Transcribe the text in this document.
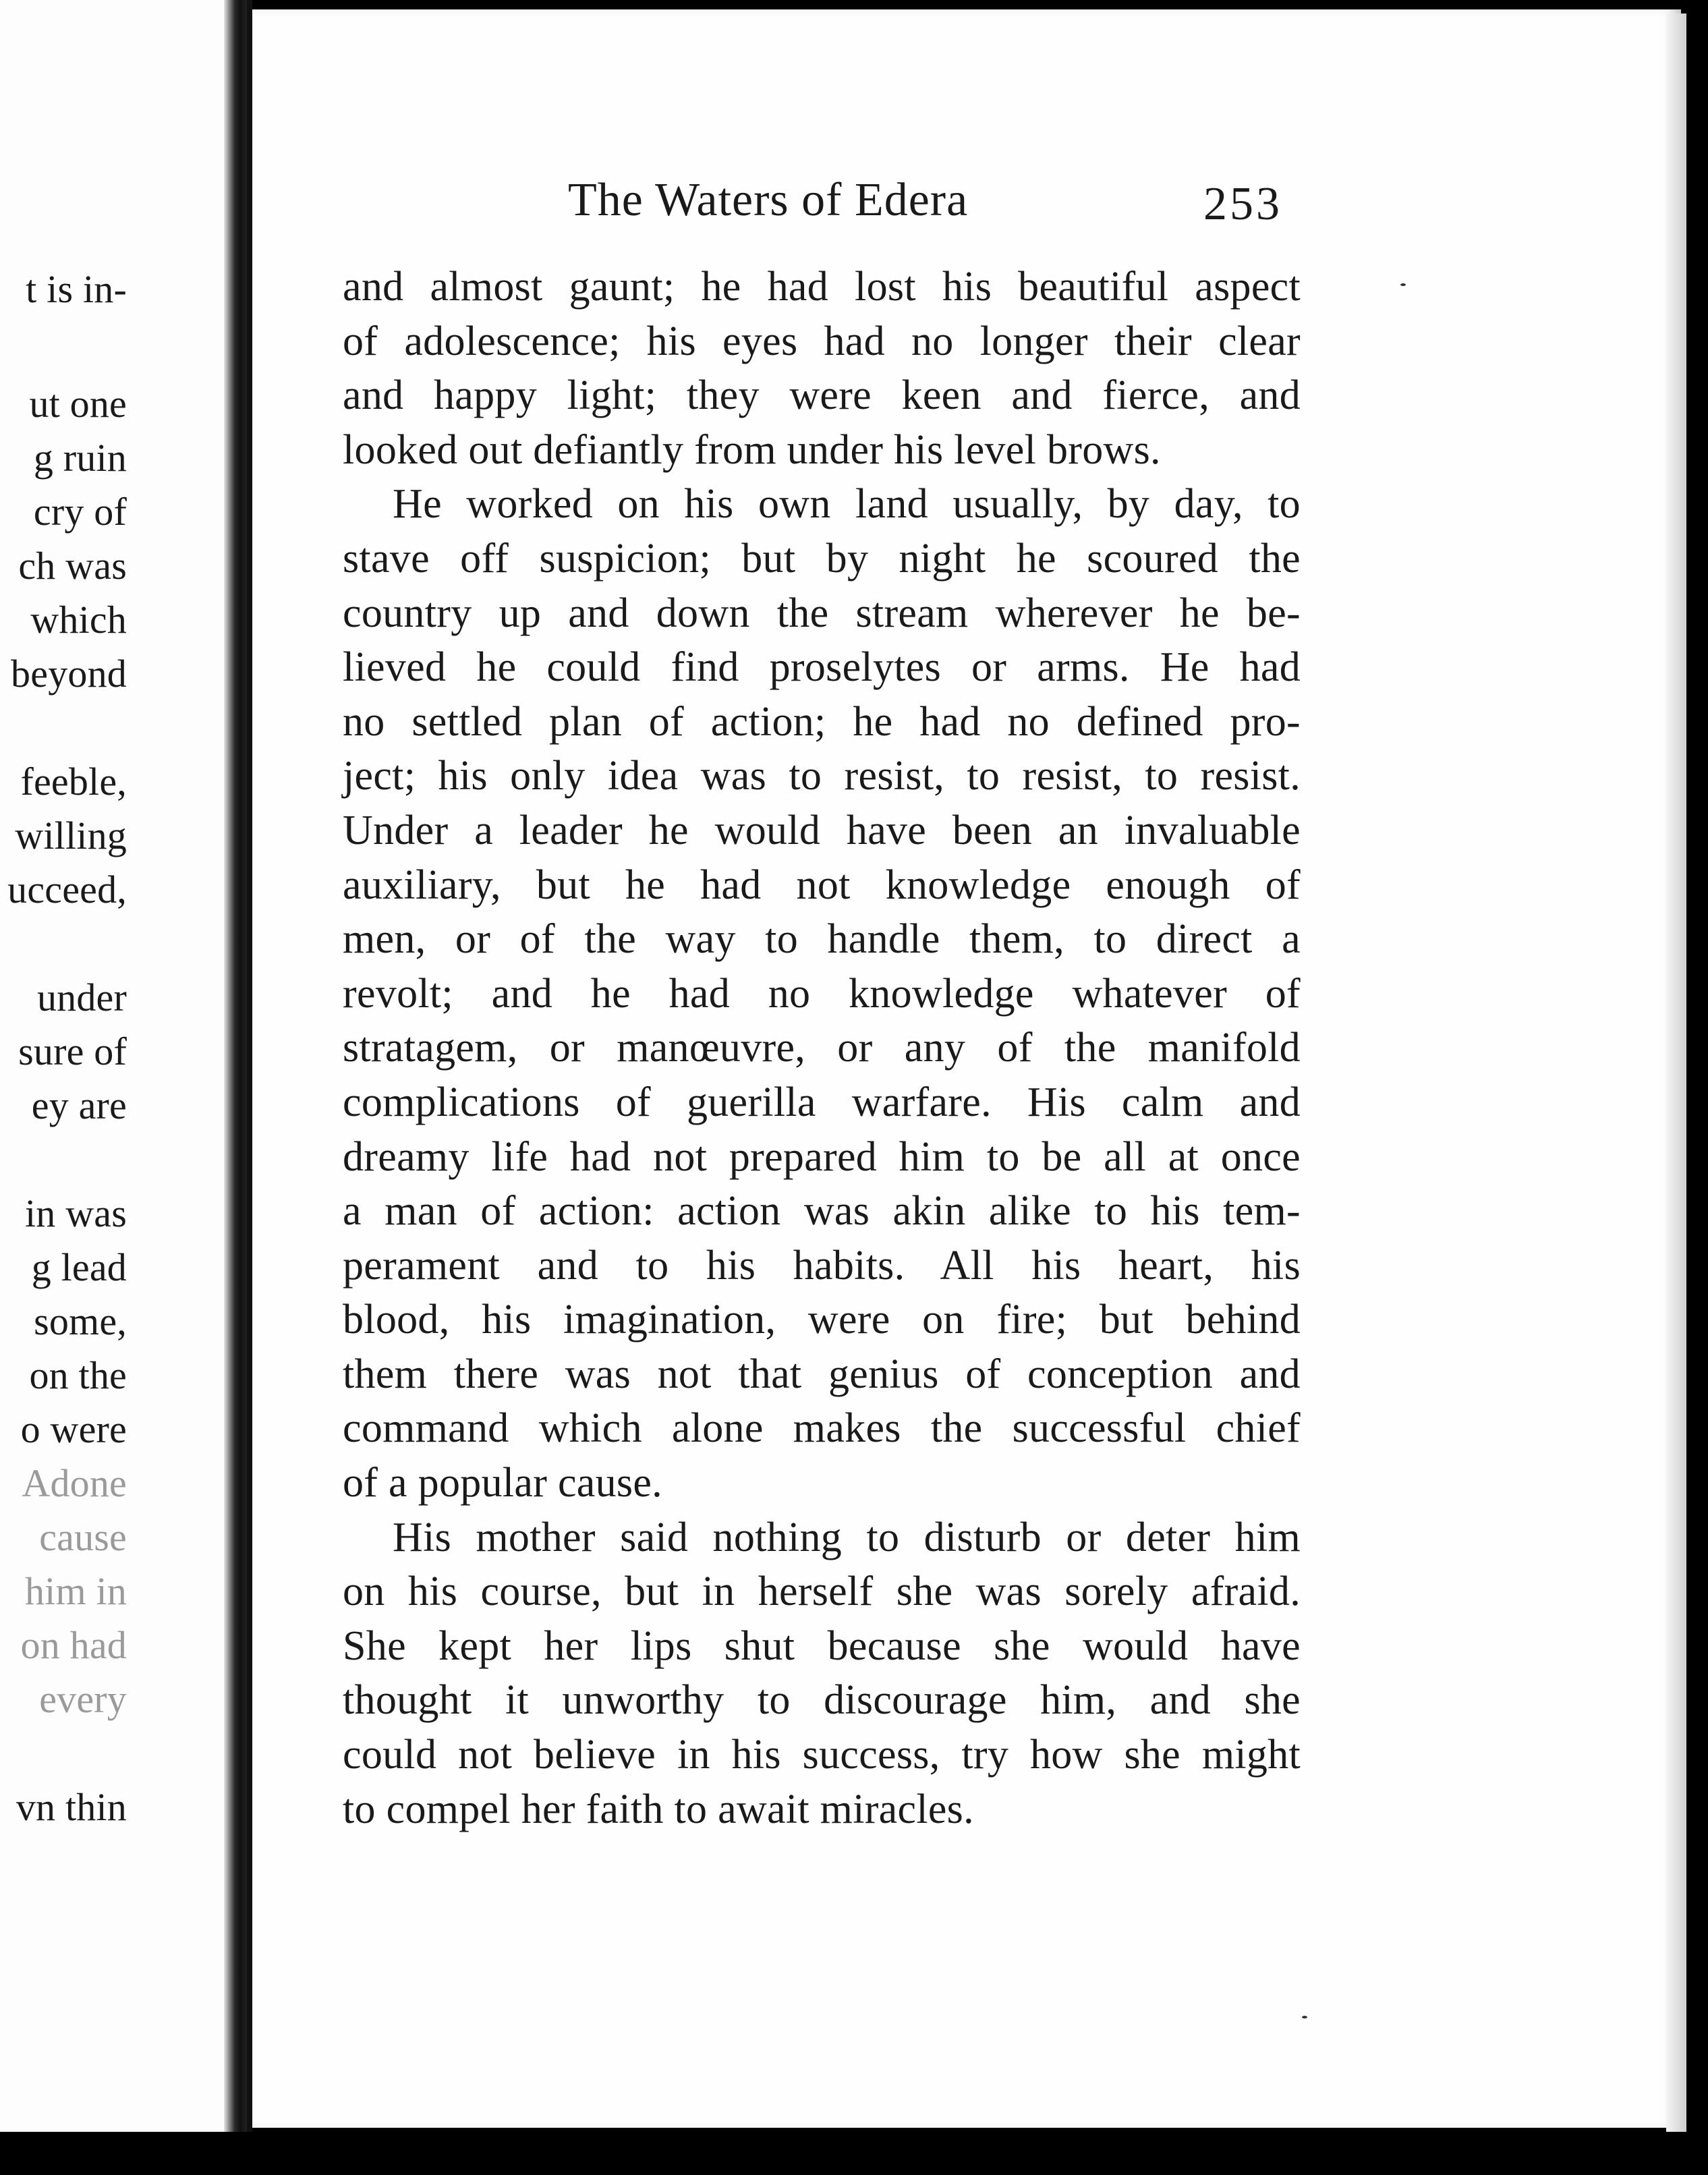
t is in-
ut one
g ruin
cry of
ch was
which
beyond
feeble,
willing
ucceed,
under
sure of
ey are
in was
g lead
some,
on the
o were
Adone
cause
him in
on had
every
vn thin
The Waters of Edera	253
and almost gaunt; he had lost his beautiful aspect
of adolescence; his eyes had no longer their clear
and happy light; they were keen and fierce, and
looked out defiantly from under his level brows.
He worked on his own land usually, by day, to
stave off suspicion; but by night he scoured the
country up and down the stream wherever he be-
lieved he could find proselytes or arms. He had
no settled plan of action; he had no defined pro-
ject; his only idea was to resist, to resist, to resist.
Under a leader he would have been an invaluable
auxiliary, but he had not knowledge enough of
men, or of the way to handle them, to direct a
revolt; and he had no knowledge whatever of
stratagem, or manœuvre, or any of the manifold
complications of guerilla warfare. His calm and
dreamy life had not prepared him to be all at once
a man of action: action was akin alike to his tem-
perament and to his habits. All his heart, his
blood, his imagination, were on fire; but behind
them there was not that genius of conception and
command which alone makes the successful chief
of a popular cause.
His mother said nothing to disturb or deter him
on his course, but in herself she was sorely afraid.
She kept her lips shut because she would have
thought it unworthy to discourage him, and she
could not believe in his success, try how she might
to compel her faith to await miracles.
